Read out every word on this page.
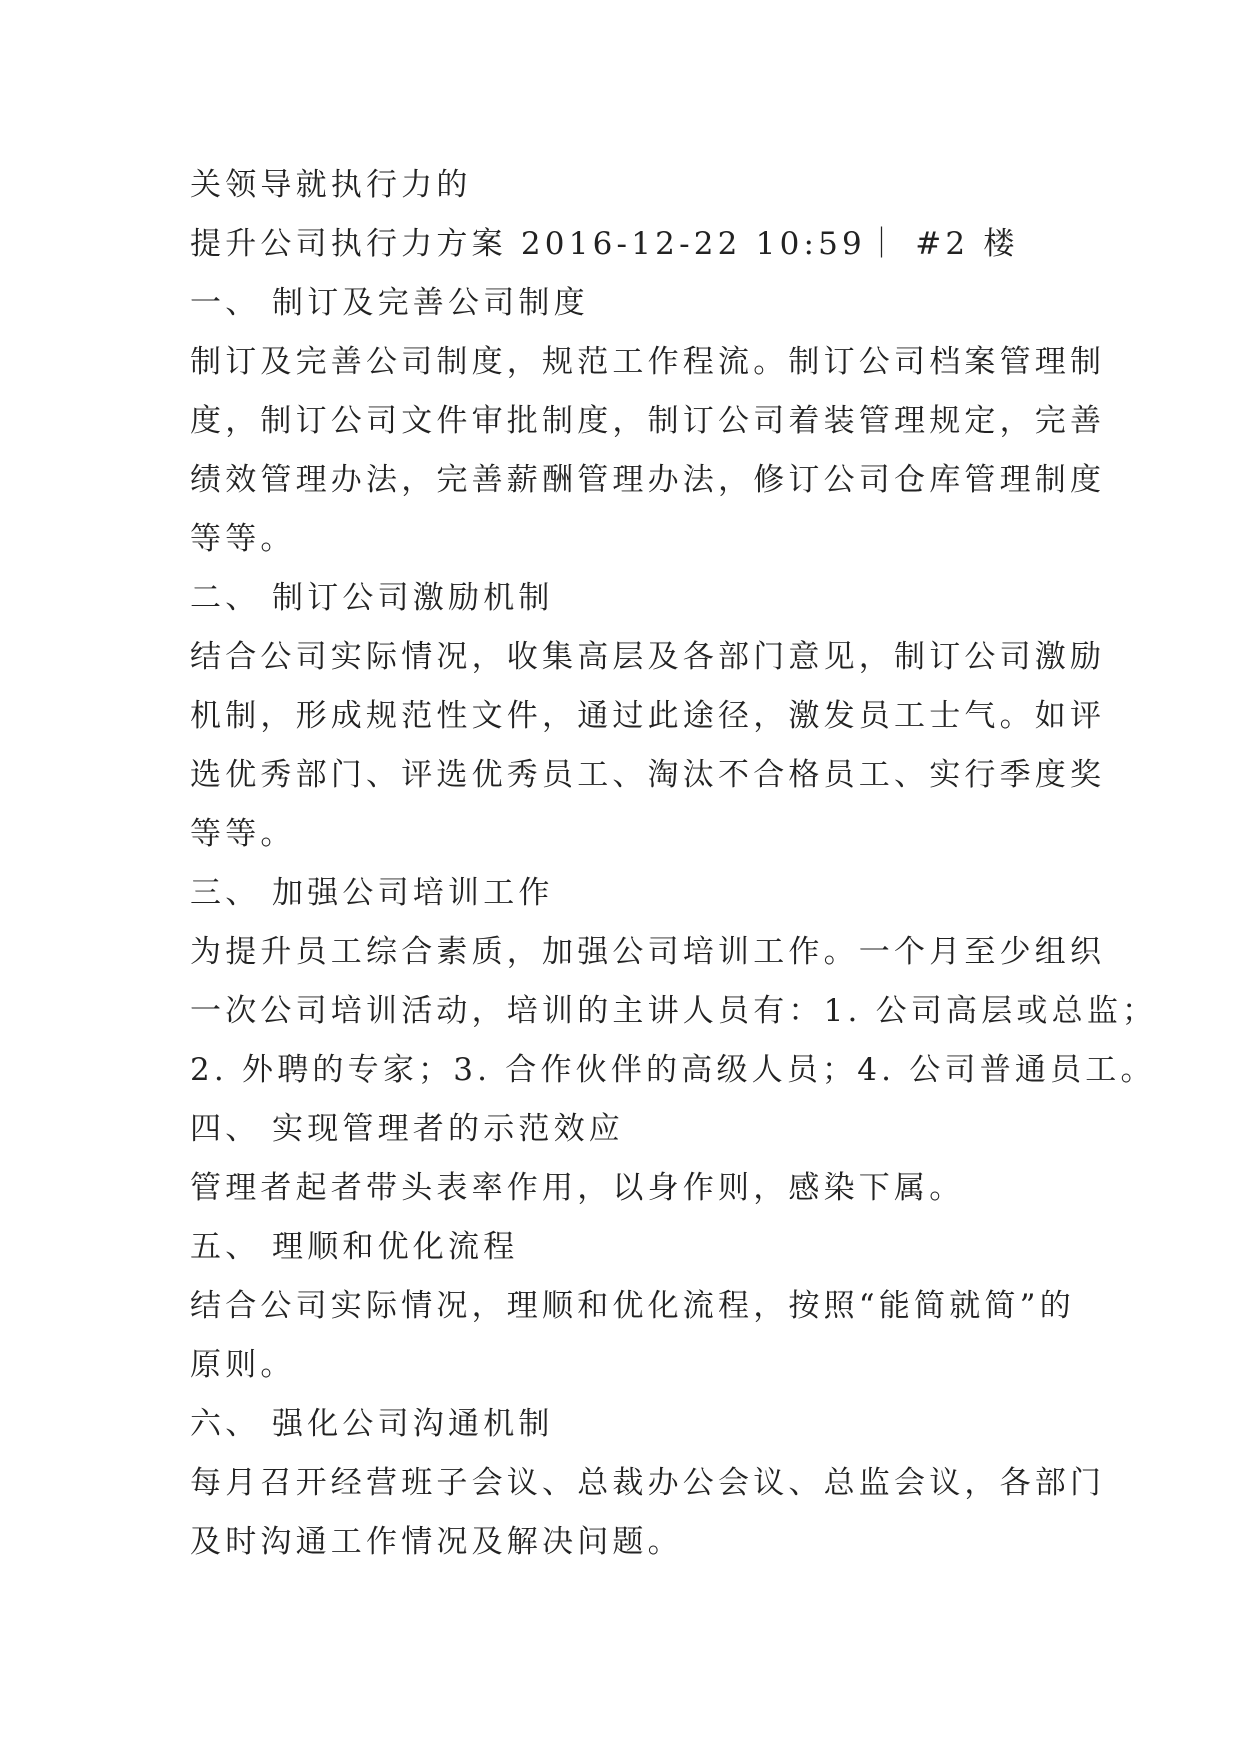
关领导就执行力的
提升公司执行力方案 2016-12-22 10:59｜ #2 楼
一、 制订及完善公司制度
制订及完善公司制度，规范工作程流。制订公司档案管理制
度，制订公司文件审批制度，制订公司着装管理规定，完善
绩效管理办法，完善薪酬管理办法，修订公司仓库管理制度
等等。
二、 制订公司激励机制
结合公司实际情况，收集高层及各部门意见，制订公司激励
机制，形成规范性文件，通过此途径，激发员工士气。如评
选优秀部门、评选优秀员工、淘汰不合格员工、实行季度奖
等等。
三、 加强公司培训工作
为提升员工综合素质，加强公司培训工作。一个月至少组织
一次公司培训活动，培训的主讲人员有：1. 公司高层或总监；
2. 外聘的专家；3. 合作伙伴的高级人员；4. 公司普通员工。
四、 实现管理者的示范效应
管理者起者带头表率作用，以身作则，感染下属。
五、 理顺和优化流程
结合公司实际情况，理顺和优化流程，按照“能简就简”的
原则。
六、 强化公司沟通机制
每月召开经营班子会议、总裁办公会议、总监会议，各部门
及时沟通工作情况及解决问题。
